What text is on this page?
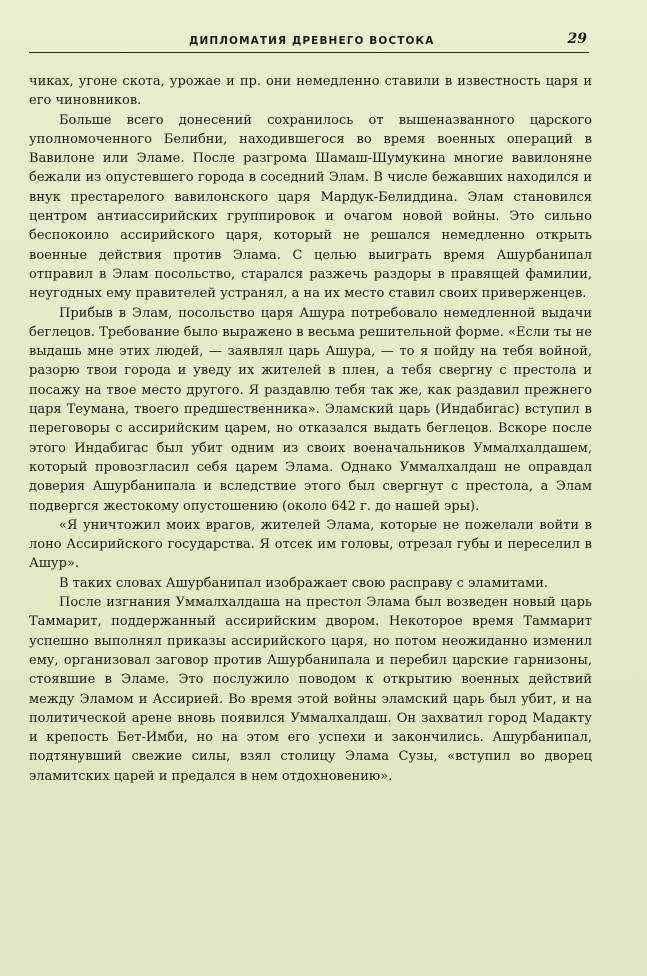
ДИПЛОМАТИЯ ДРЕВНЕГО ВОСТОКА	29

чиках, угоне скота, урожае и пр. они немедленно ставили в известность царя и его чиновников.

Больше всего донесений сохранилось от вышеназванного царского уполномоченного Белибни, находившегося во время военных операций в Вавилоне или Эламе. После разгрома Шамаш-Шумукина многие вавилоняне бежали из опустевшего города в соседний Элам. В числе бежавших находился и внук престарелого вавилонского царя Мардук-Белиддина. Элам становился центром антиассирийских группировок и очагом новой войны. Это сильно беспокоило ассирийского царя, который не решался немедленно открыть военные действия против Элама. С целью выиграть время Ашурбанипал отправил в Элам посольство, старался разжечь раздоры в правящей фамилии, неугодных ему правителей устранял, а на их место ставил своих приверженцев.

Прибыв в Элам, посольство царя Ашура потребовало немедленной выдачи беглецов. Требование было выражено в весьма решительной форме. «Если ты не выдашь мне этих людей, — заявлял царь Ашура, — то я пойду на тебя войной, разорю твои города и уведу их жителей в плен, а тебя свергну с престола и посажу на твое место другого. Я раздавлю тебя так же, как раздавил прежнего царя Теумана, твоего предшественника». Эламский царь (Индабигас) вступил в переговоры с ассирийским царем, но отказался выдать беглецов. Вскоре после этого Индабигас был убит одним из своих военачальников Уммалхалдашем, который провозгласил себя царем Элама. Однако Уммалхалдаш не оправдал доверия Ашурбанипала и вследствие этого был свергнут с престола, а Элам подвергся жестокому опустошению (около 642 г. до нашей эры).

«Я уничтожил моих врагов, жителей Элама, которые не пожелали войти в лоно Ассирийского государства. Я отсек им головы, отрезал губы и переселил в Ашур».

В таких словах Ашурбанипал изображает свою расправу с эламитами.

После изгнания Уммалхалдаша на престол Элама был возведен новый царь Таммарит, поддержанный ассирийским двором. Некоторое время Таммарит успешно выполнял приказы ассирийского царя, но потом неожиданно изменил ему, организовал заговор против Ашурбанипала и перебил царские гарнизоны, стоявшие в Эламе. Это послужило поводом к открытию военных действий между Эламом и Ассирией. Во время этой войны эламский царь был убит, и на политической арене вновь появился Уммалхалдаш. Он захватил город Мадакту и крепость Бет-Имби, но на этом его успехи и закончились. Ашурбанипал, подтянувший свежие силы, взял столицу Элама Сузы, «вступил во дворец эламитских царей и предался в нем отдохновению».
